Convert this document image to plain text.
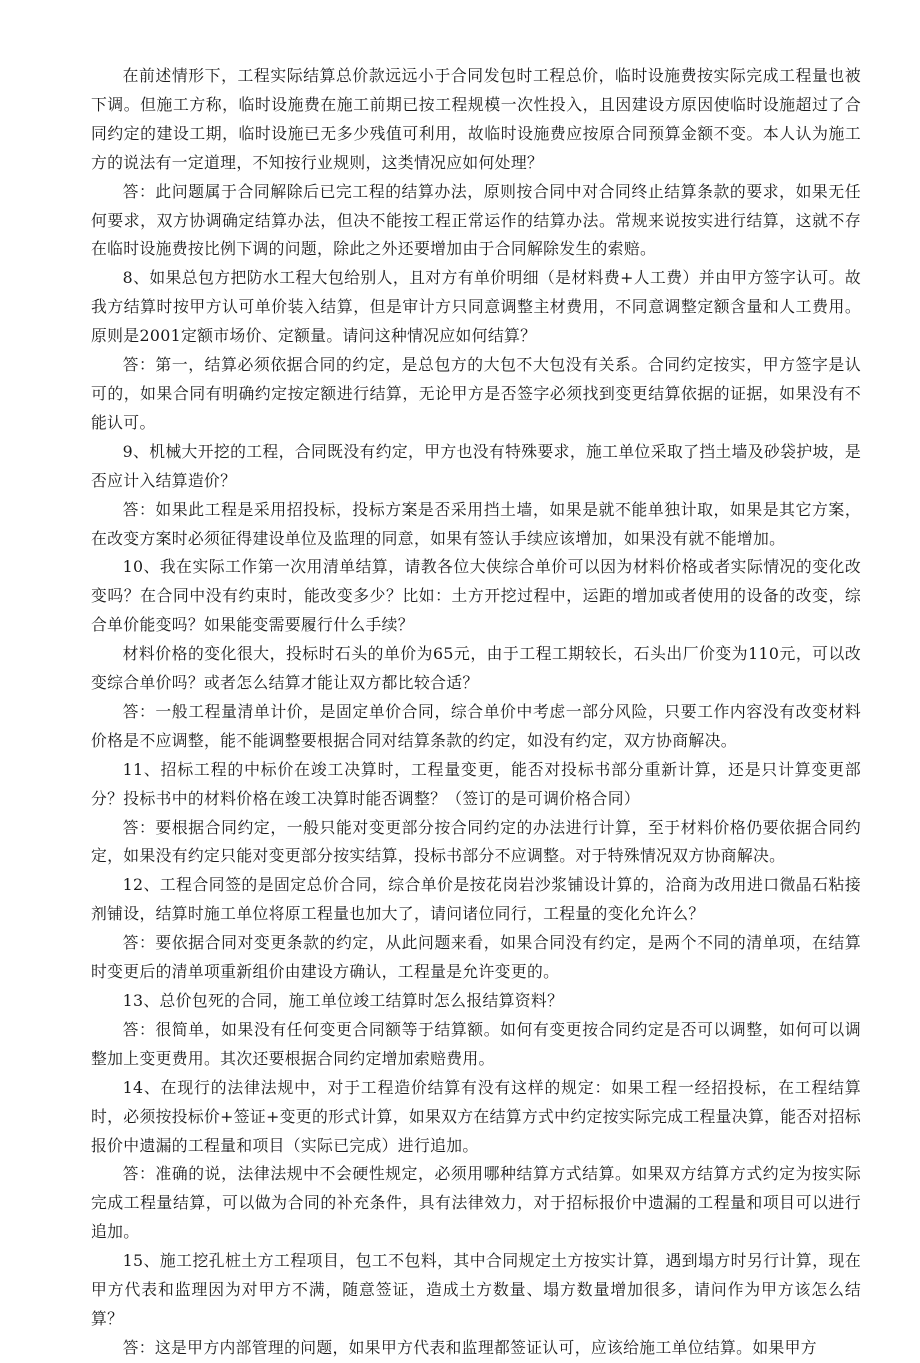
在前述情形下，工程实际结算总价款远远小于合同发包时工程总价，临时设施费按实际完成工程量也被下调。但施工方称，临时设施费在施工前期已按工程规模一次性投入，且因建设方原因使临时设施超过了合同约定的建设工期，临时设施已无多少残值可利用，故临时设施费应按原合同预算金额不变。本人认为施工方的说法有一定道理，不知按行业规则，这类情况应如何处理？

答：此问题属于合同解除后已完工程的结算办法，原则按合同中对合同终止结算条款的要求，如果无任何要求，双方协调确定结算办法，但决不能按工程正常运作的结算办法。常规来说按实进行结算，这就不存在临时设施费按比例下调的问题，除此之外还要增加由于合同解除发生的索赔。

8、如果总包方把防水工程大包给别人，且对方有单价明细（是材料费+人工费）并由甲方签字认可。故我方结算时按甲方认可单价装入结算，但是审计方只同意调整主材费用，不同意调整定额含量和人工费用。原则是2001定额市场价、定额量。请问这种情况应如何结算？

答：第一，结算必须依据合同的约定，是总包方的大包不大包没有关系。合同约定按实，甲方签字是认可的，如果合同有明确约定按定额进行结算，无论甲方是否签字必须找到变更结算依据的证据，如果没有不能认可。

9、机械大开挖的工程，合同既没有约定，甲方也没有特殊要求，施工单位采取了挡土墙及砂袋护坡，是否应计入结算造价？

答：如果此工程是采用招投标，投标方案是否采用挡土墙，如果是就不能单独计取，如果是其它方案，在改变方案时必须征得建设单位及监理的同意，如果有签认手续应该增加，如果没有就不能增加。

10、我在实际工作第一次用清单结算，请教各位大侠综合单价可以因为材料价格或者实际情况的变化改变吗？在合同中没有约束时，能改变多少？比如：土方开挖过程中，运距的增加或者使用的设备的改变，综合单价能变吗？如果能变需要履行什么手续？

材料价格的变化很大，投标时石头的单价为65元，由于工程工期较长，石头出厂价变为110元，可以改变综合单价吗？或者怎么结算才能让双方都比较合适？

答：一般工程量清单计价，是固定单价合同，综合单价中考虑一部分风险，只要工作内容没有改变材料价格是不应调整，能不能调整要根据合同对结算条款的约定，如没有约定，双方协商解决。

11、招标工程的中标价在竣工决算时，工程量变更，能否对投标书部分重新计算，还是只计算变更部分？投标书中的材料价格在竣工决算时能否调整？（签订的是可调价格合同）

答：要根据合同约定，一般只能对变更部分按合同约定的办法进行计算，至于材料价格仍要依据合同约定，如果没有约定只能对变更部分按实结算，投标书部分不应调整。对于特殊情况双方协商解决。

12、工程合同签的是固定总价合同，综合单价是按花岗岩沙浆铺设计算的，洽商为改用进口微晶石粘接剂铺设，结算时施工单位将原工程量也加大了，请问诸位同行，工程量的变化允许么？

答：要依据合同对变更条款的约定，从此问题来看，如果合同没有约定，是两个不同的清单项，在结算时变更后的清单项重新组价由建设方确认，工程量是允许变更的。

13、总价包死的合同，施工单位竣工结算时怎么报结算资料？

答：很简单，如果没有任何变更合同额等于结算额。如何有变更按合同约定是否可以调整，如何可以调整加上变更费用。其次还要根据合同约定增加索赔费用。

14、在现行的法律法规中，对于工程造价结算有没有这样的规定：如果工程一经招投标，在工程结算时，必须按投标价+签证+变更的形式计算，如果双方在结算方式中约定按实际完成工程量决算，能否对招标报价中遗漏的工程量和项目（实际已完成）进行追加。

答：准确的说，法律法规中不会硬性规定，必须用哪种结算方式结算。如果双方结算方式约定为按实际完成工程量结算，可以做为合同的补充条件，具有法律效力，对于招标报价中遗漏的工程量和项目可以进行追加。

15、施工挖孔桩土方工程项目，包工不包料，其中合同规定土方按实计算，遇到塌方时另行计算，现在甲方代表和监理因为对甲方不满，随意签证，造成土方数量、塌方数量增加很多，请问作为甲方该怎么结算？

答：这是甲方内部管理的问题，如果甲方代表和监理都签证认可，应该给施工单位结算。如果甲方
